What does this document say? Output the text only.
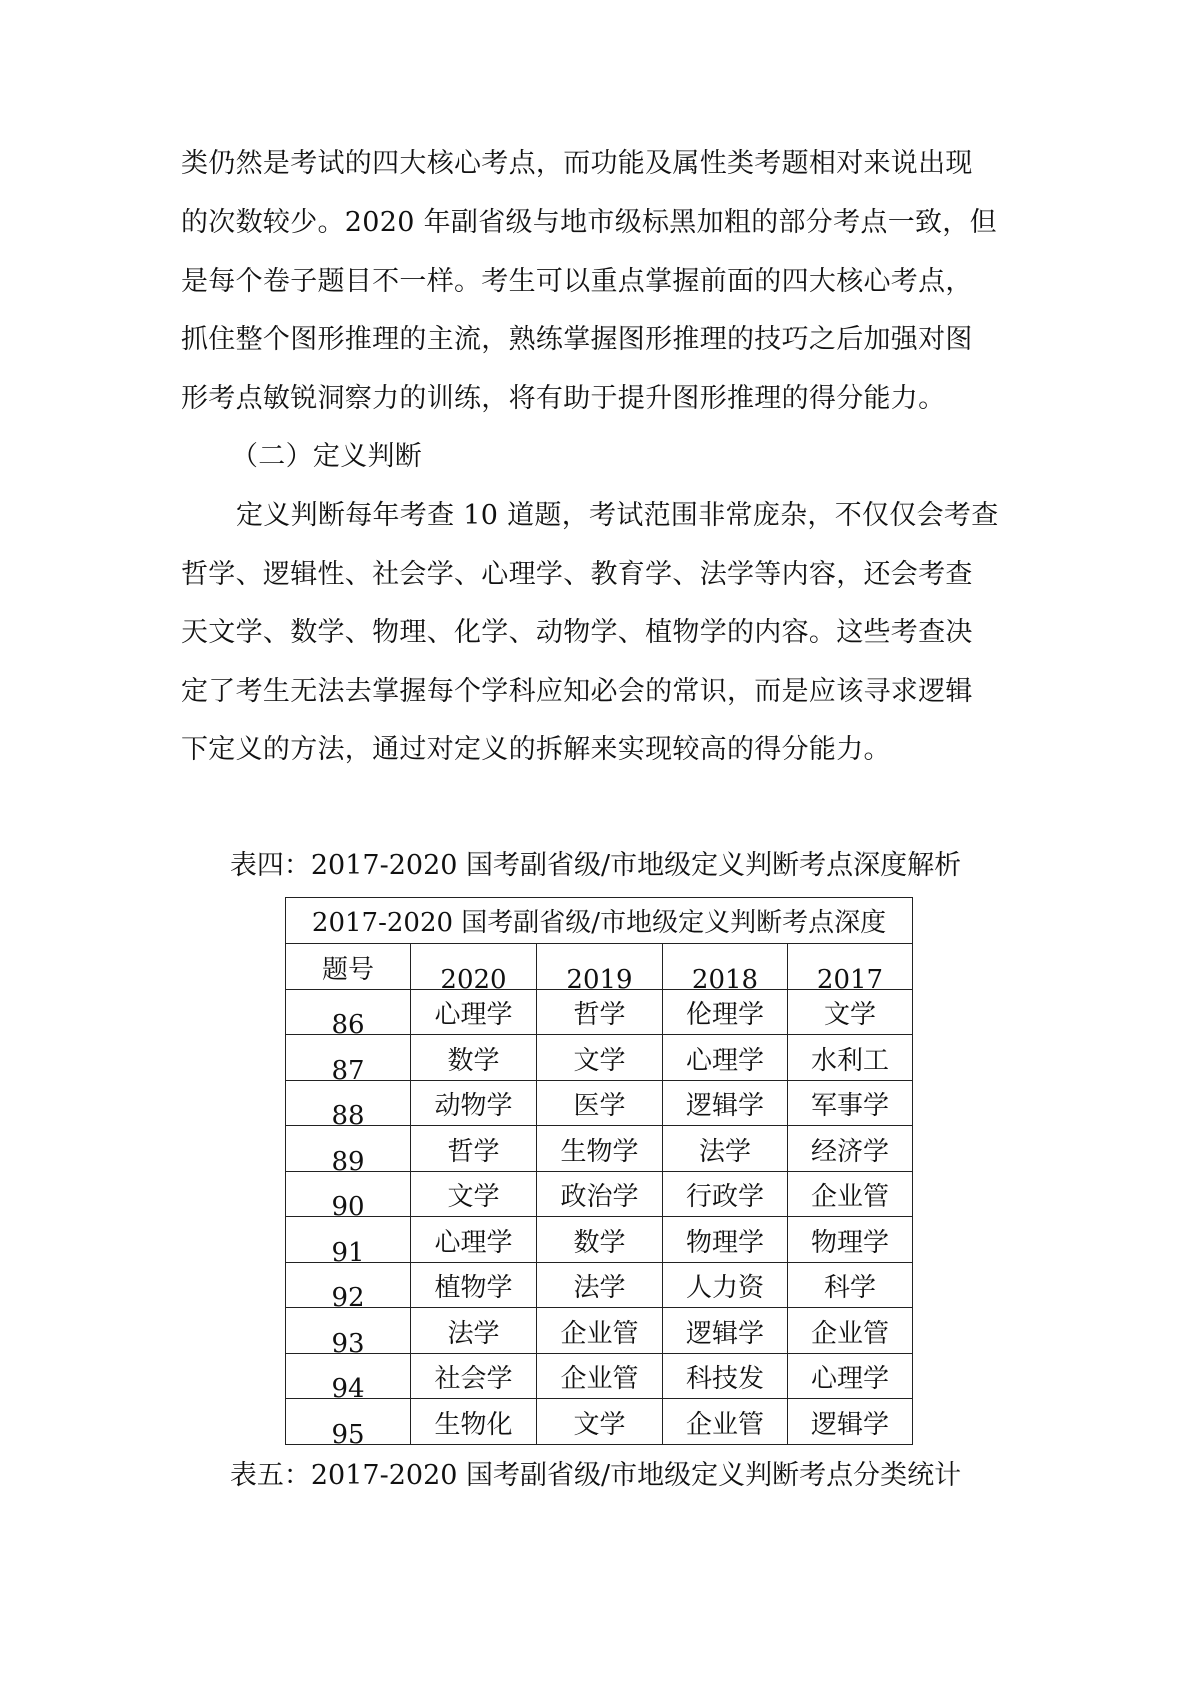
类仍然是考试的四大核心考点，而功能及属性类考题相对来说出现
的次数较少。2020 年副省级与地市级标黑加粗的部分考点一致，但
是每个卷子题目不一样。考生可以重点掌握前面的四大核心考点，
抓住整个图形推理的主流，熟练掌握图形推理的技巧之后加强对图
形考点敏锐洞察力的训练，将有助于提升图形推理的得分能力。
（二）定义判断
定义判断每年考查 10 道题，考试范围非常庞杂，不仅仅会考查
哲学、逻辑性、社会学、心理学、教育学、法学等内容，还会考查
天文学、数学、物理、化学、动物学、植物学的内容。这些考查决
定了考生无法去掌握每个学科应知必会的常识，而是应该寻求逻辑
下定义的方法，通过对定义的拆解来实现较高的得分能力。
表四：2017-2020 国考副省级/市地级定义判断考点深度解析
2017-2020 国考副省级/市地级定义判断考点深度				

题号	2020	2019	2018	2017

86	心理学	哲学	伦理学	文学

87	数学	文学	心理学	水利工

88	动物学	医学	逻辑学	军事学

89	哲学	生物学	法学	经济学

90	文学	政治学	行政学	企业管

91	心理学	数学	物理学	物理学

92	植物学	法学	人力资	科学

93	法学	企业管	逻辑学	企业管

94	社会学	企业管	科技发	心理学

95	生物化	文学	企业管	逻辑学
表五：2017-2020 国考副省级/市地级定义判断考点分类统计
